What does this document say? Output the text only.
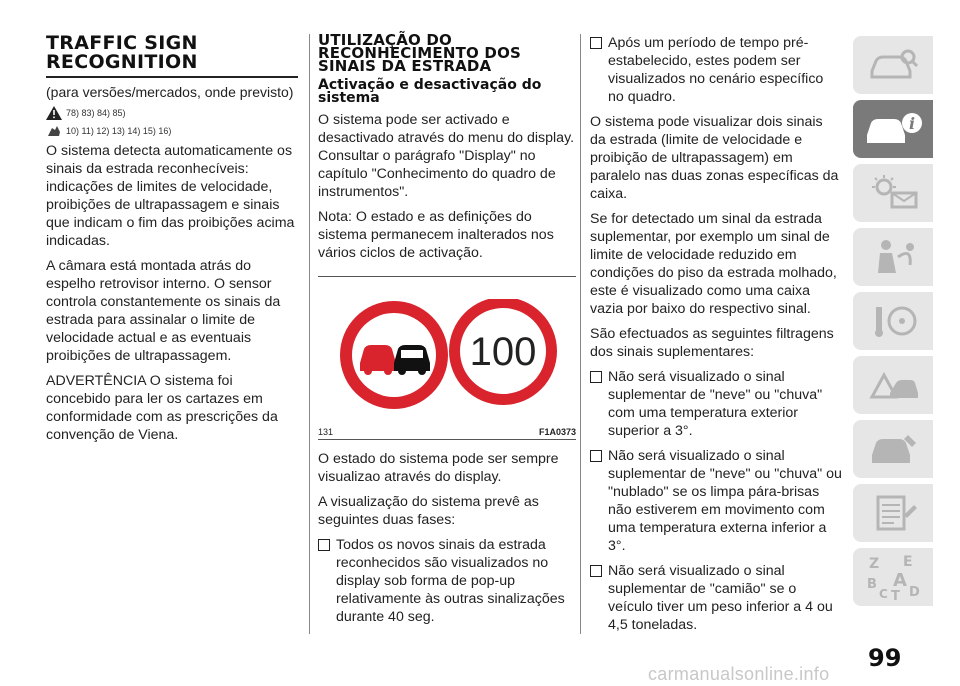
TRAFFIC SIGN RECOGNITION
(para versões/mercados, onde previsto)
78) 83) 84) 85)
10) 11) 12) 13) 14) 15) 16)

O sistema detecta automaticamente os sinais da estrada reconhecíveis: indicações de limites de velocidade, proibições de ultrapassagem e sinais que indicam o fim das proibições acima indicadas.

A câmara está montada atrás do espelho retrovisor interno. O sensor controla constantemente os sinais da estrada para assinalar o limite de velocidade actual e as eventuais proibições de ultrapassagem.

ADVERTÊNCIA O sistema foi concebido para ler os cartazes em conformidade com as prescrições da convenção de Viena.

UTILIZAÇÃO DO RECONHECIMENTO DOS SINAIS DA ESTRADA
Activação e desactivação do sistema

O sistema pode ser activado e desactivado através do menu do display. Consultar o parágrafo "Display" no capítulo "Conhecimento do quadro de instrumentos".

Nota: O estado e as definições do sistema permanecem inalterados nos vários ciclos de activação.

100
131	F1A0373

O estado do sistema pode ser sempre visualizao através do display.

A visualização do sistema prevê as seguintes duas fases:

Todos os novos sinais da estrada reconhecidos são visualizados no display sob forma de pop-up relativamente às outras sinalizações durante 40 seg.
Após um período de tempo pré-estabelecido, estes podem ser visualizados no cenário específico no quadro.

O sistema pode visualizar dois sinais da estrada (limite de velocidade e proibição de ultrapassagem) em paralelo nas duas zonas específicas da caixa.

Se for detectado um sinal da estrada suplementar, por exemplo um sinal de limite de velocidade reduzido em condições do piso da estrada molhado, este é visualizado como uma caixa vazia por baixo do respectivo sinal.

São efectuados as seguintes filtragens dos sinais suplementares:

Não será visualizado o sinal suplementar de "neve" ou "chuva" com uma temperatura exterior superior a 3°.
Não será visualizado o sinal suplementar de "neve" ou "chuva" ou "nublado" se os limpa pára-brisas não estiverem em movimento com uma temperatura externa inferior a 3°.
Não será visualizado o sinal suplementar de "camião" se o veículo tiver um peso inferior a 4 ou 4,5 toneladas.
i
Z E
B A
C T D
99
carmanualsonline.info
